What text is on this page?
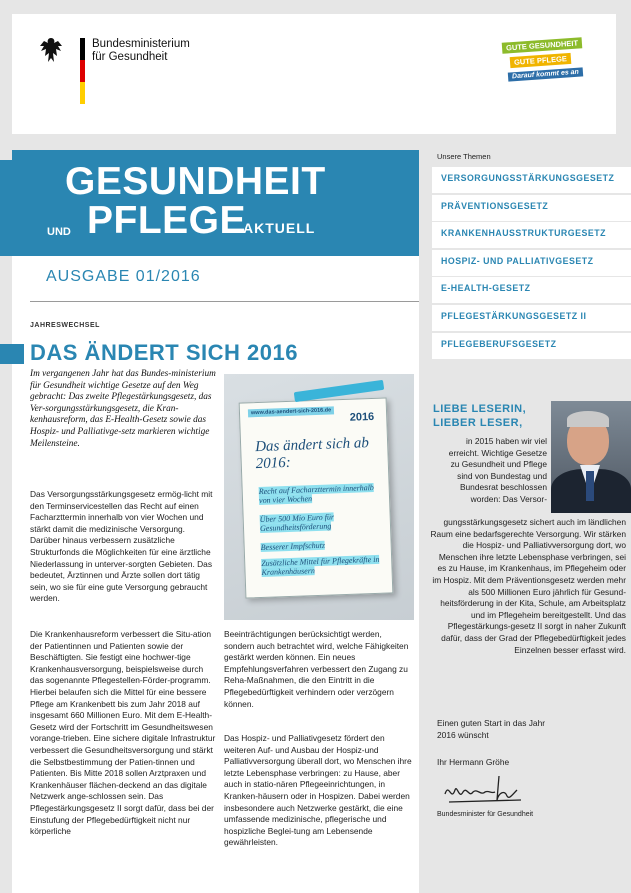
Bundesministerium
für Gesundheit
GUTE GESUNDHEIT
GUTE PFLEGE
Darauf kommt es an
GESUNDHEIT
UND PFLEGE
AKTUELL
AUSGABE 01/2016
JAHRESWECHSEL
DAS ÄNDERT SICH 2016
Im vergangenen Jahr hat das Bundes-ministerium für Gesundheit wichtige Gesetze auf den Weg gebracht: Das zweite Pflegestärkungsgesetz, das Ver-sorgungsstärkungsgesetz, die Kran-kenhausreform, das E-Health-Gesetz sowie das Hospiz- und Palliativge-setz markieren wichtige Meilensteine.
Das Versorgungsstärkungsgesetz ermög-licht mit den Terminservicestellen das Recht auf einen Facharzttermin innerhalb von vier Wochen und stärkt damit die medizinische Versorgung. Darüber hinaus verbessern zusätzliche Strukturfonds die Möglichkeiten für eine ärztliche Niederlassung in unterver-sorgten Gebieten. Das bedeutet, Ärztinnen und Ärzte sollen dort tätig sein, wo sie für eine gute Versorgung gebraucht werden.
Die Krankenhausreform verbessert die Situ-ation der Patientinnen und Patienten sowie der Beschäftigten. Sie festigt eine hochwer-tige Krankenhausversorgung, beispielsweise durch das sogenannte Pflegestellen-Förder-programm. Hierbei belaufen sich die Mittel für eine bessere Pflege am Krankenbett bis zum Jahr 2018 auf insgesamt 660 Millionen Euro. Mit dem E-Health-Gesetz wird der Fortschritt im Gesundheitswesen vorange-trieben. Eine sichere digitale Infrastruktur verbessert die Gesundheitsversorgung und stärkt die Selbstbestimmung der Patien-tinnen und Patienten. Bis Mitte 2018 sollen Arztpraxen und Krankenhäuser flächen-deckend an das digitale Netzwerk ange-schlossen sein. Das Pflegestärkungsgesetz II sorgt dafür, dass bei der Einstufung der Pflegebedürftigkeit nicht nur körperliche
Beeinträchtigungen berücksichtigt werden, sondern auch betrachtet wird, welche Fähigkeiten gestärkt werden können. Ein neues Empfehlungsverfahren verbessert den Zugang zu Reha-Maßnahmen, die den Eintritt in die Pflegebedürftigkeit verhindern oder verzögern können.
Das Hospiz- und Palliativgesetz fördert den weiteren Auf- und Ausbau der Hospiz-und Palliativversorgung überall dort, wo Menschen ihre letzte Lebensphase verbringen: zu Hause, aber auch in statio-nären Pflegeeinrichtungen, in Kranken-häusern oder in Hospizen. Dabei werden insbesondere auch Netzwerke gestärkt, die eine umfassende medizinische, pflegerische und hospizliche Beglei-tung am Lebensende gewährleisten.
www.das-aendert-sich-2016.de 2016
Das ändert sich ab 2016:
Recht auf Facharzttermin innerhalb von vier Wochen
Über 500 Mio Euro für Gesundheitsförderung
Besserer Impfschutz
Zusätzliche Mittel für Pflegekräfte in Krankenhäusern
Unsere Themen
VERSORGUNGSSTÄRKUNGSGESETZ
PRÄVENTIONSGESETZ
KRANKENHAUSSTRUKTURGESETZ
HOSPIZ- UND PALLIATIVGESETZ
E-HEALTH-GESETZ
PFLEGESTÄRKUNGSGESETZ II
PFLEGEBERUFSGESETZ
LIEBE LESERIN,
LIEBER LESER,
in 2015 haben wir viel erreicht. Wichtige Gesetze zu Gesundheit und Pflege sind von Bundestag und Bundesrat beschlossen worden: Das Versor-
gungsstärkungsgesetz sichert auch im ländlichen Raum eine bedarfsgerechte Versorgung. Wir stärken die Hospiz- und Palliativversorgung dort, wo Menschen ihre letzte Lebensphase verbringen, sei es zu Hause, im Krankenhaus, im Pflegeheim oder im Hospiz. Mit dem Präventionsgesetz werden mehr als 500 Millionen Euro jährlich für Gesund-heitsförderung in der Kita, Schule, am Arbeitsplatz und im Pflegeheim bereitgestellt. Und das Pflegestärkungs-gesetz II sorgt in naher Zukunft dafür, dass der Grad der Pflegebedürftigkeit jedes Einzelnen besser erfasst wird.
Einen guten Start in das Jahr 2016 wünscht
Ihr Hermann Gröhe
Bundesminister für Gesundheit
